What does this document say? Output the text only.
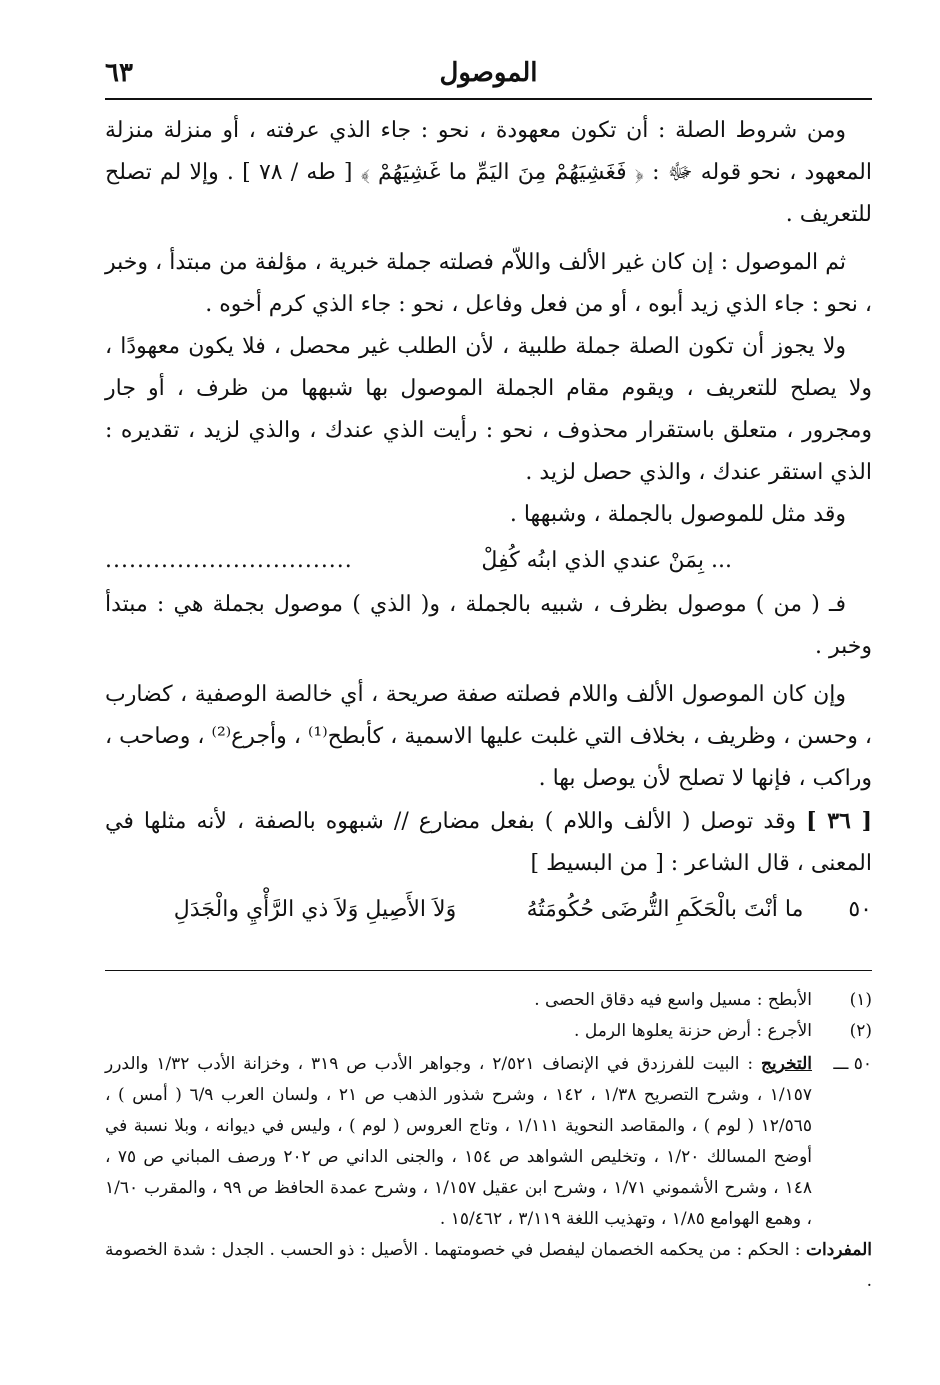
الموصول
٦٣

ومن شروط الصلة : أن تكون معهودة ، نحو : جاء الذي عرفته ، أو منزلة منزلة المعهود ، نحو قوله ﷻ : ﴿ فَغَشِيَهُمْ مِنَ اليَمِّ ما غَشِيَهُمْ ﴾ [ طه / ٧٨ ] . وإلا لم تصلح للتعريف .

ثم الموصول : إن كان غير الألف واللاّم فصلته جملة خبرية ، مؤلفة من مبتدأ ، وخبر ، نحو : جاء الذي زيد أبوه ، أو من فعل وفاعل ، نحو : جاء الذي كرم أخوه .

ولا يجوز أن تكون الصلة جملة طلبية ، لأن الطلب غير محصل ، فلا يكون معهودًا ، ولا يصلح للتعريف ، ويقوم مقام الجملة الموصول بها شبهها من ظرف ، أو جار ومجرور ، متعلق باستقرار محذوف ، نحو : رأيت الذي عندك ، والذي لزيد ، تقديره : الذي استقر عندك ، والذي حصل لزيد .

وقد مثل للموصول بالجملة ، وشبهها .

... بِمَنْ عندي الذي ابنُه كُفِلْ
...............................

فـ ( من ) موصول بظرف ، شبيه بالجملة ، و( الذي ) موصول بجملة هي : مبتدأ وخبر .

وإن كان الموصول الألف واللام فصلته صفة صريحة ، أي خالصة الوصفية ، كضارب ، وحسن ، وظريف ، بخلاف التي غلبت عليها الاسمية ، كأبطح⁽¹⁾ ، وأجرع⁽²⁾ ، وصاحب ، وراكب ، فإنها لا تصلح لأن يوصل بها .

[ ٣٦ ] وقد توصل ( الألف واللام ) بفعل مضارع // شبهوه بالصفة ، لأنه مثلها في المعنى ، قال الشاعر : [ من البسيط ]

٥٠
ما أنْتَ بالْحَكَمِ التُّرضَى حُكُومَتُهُ
وَلاَ الأَصِيلِ وَلاَ ذي الرَّأْيِ والْجَدَلِ
(١)
الأبطح : مسيل واسع فيه دقاق الحصى .
(٢)
الأجرع : أرض حزنة يعلوها الرمل .
٥٠ ـــ
التخريج : البيت للفرزدق في الإنصاف ٢/٥٢١ ، وجواهر الأدب ص ٣١٩ ، وخزانة الأدب ١/٣٢ والدرر ١/١٥٧ ، وشرح التصريح ١/٣٨ ، ١٤٢ ، وشرح شذور الذهب ص ٢١ ، ولسان العرب ٦/٩ ( أمس ) ، ١٢/٥٦٥ ( لوم ) ، والمقاصد النحوية ١/١١١ ، وتاج العروس ( لوم ) ، وليس في ديوانه ، وبلا نسبة في أوضح المسالك ١/٢٠ ، وتخليص الشواهد ص ١٥٤ ، والجنى الداني ص ٢٠٢ ورصف المباني ص ٧٥ ، ١٤٨ ، وشرح الأشموني ١/٧١ ، وشرح ابن عقيل ١/١٥٧ ، وشرح عمدة الحافظ ص ٩٩ ، والمقرب ١/٦٠ ، وهمع الهوامع ١/٨٥ ، وتهذيب اللغة ٣/١١٩ ، ١٥/٤٦٢ .
المفردات : الحكم : من يحكمه الخصمان ليفصل في خصومتهما . الأصيل : ذو الحسب . الجدل : شدة الخصومة .
